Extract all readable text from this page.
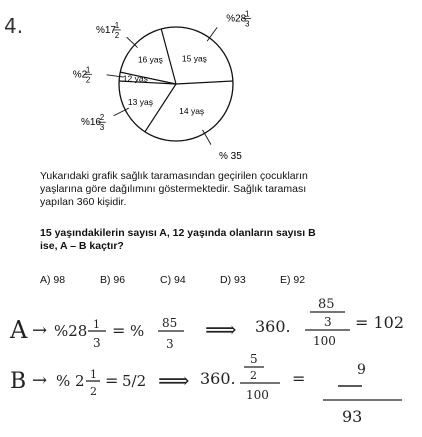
4.
15 yaş
14 yaş
13 yaş
12 yaş
16 yaş
%28
1
3
% 35
%16
2
3
%2
1
2
%17
1
2
Yukarıdaki grafik sağlık taramasından geçirilen çocukların yaşlarına göre dağılımını göstermektedir. Sağlık taraması yapılan 360 kişidir.
15 yaşındakilerin sayısı A, 12 yaşında olanların sayısı B ise, A – B kaçtır?
A) 98	B) 96	C) 94	D) 93	E) 92
A → %28 1
3
= % 85
3
⟹ 360.
85
3
100
= 102
B → % 2 1
2
= 5/2 ⟹ 360.
5
2
100
=	9
93
